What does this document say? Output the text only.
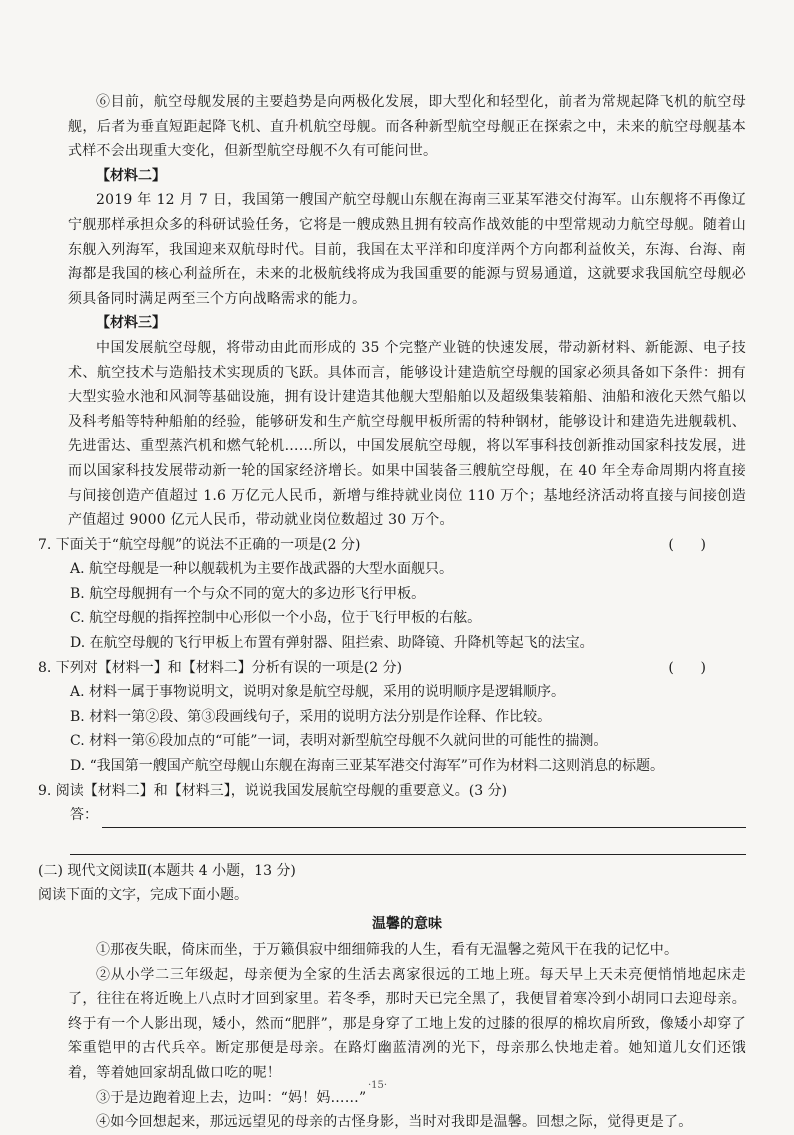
⑥目前，航空母舰发展的主要趋势是向两极化发展，即大型化和轻型化，前者为常规起降飞机的航空母舰，后者为垂直短距起降飞机、直升机航空母舰。而各种新型航空母舰正在探索之中，未来的航空母舰基本式样不会出现重大变化，但新型航空母舰不久有可能问世。

【材料二】

2019 年 12 月 7 日，我国第一艘国产航空母舰山东舰在海南三亚某军港交付海军。山东舰将不再像辽宁舰那样承担众多的科研试验任务，它将是一艘成熟且拥有较高作战效能的中型常规动力航空母舰。随着山东舰入列海军，我国迎来双航母时代。目前，我国在太平洋和印度洋两个方向都利益攸关，东海、台海、南海都是我国的核心利益所在，未来的北极航线将成为我国重要的能源与贸易通道，这就要求我国航空母舰必须具备同时满足两至三个方向战略需求的能力。

【材料三】

中国发展航空母舰，将带动由此而形成的 35 个完整产业链的快速发展，带动新材料、新能源、电子技术、航空技术与造船技术实现质的飞跃。具体而言，能够设计建造航空母舰的国家必须具备如下条件：拥有大型实验水池和风洞等基础设施，拥有设计建造其他舰大型船舶以及超级集装箱船、油船和液化天然气船以及科考船等特种船舶的经验，能够研发和生产航空母舰甲板所需的特种钢材，能够设计和建造先进舰载机、先进雷达、重型蒸汽机和燃气轮机……所以，中国发展航空母舰，将以军事科技创新推动国家科技发展，进而以国家科技发展带动新一轮的国家经济增长。如果中国装备三艘航空母舰，在 40 年全寿命周期内将直接与间接创造产值超过 1.6 万亿元人民币，新增与维持就业岗位 110 万个；基地经济活动将直接与间接创造产值超过 9000 亿元人民币，带动就业岗位数超过 30 万个。

7. 下面关于“航空母舰”的说法不正确的一项是(2 分)	(      )

A. 航空母舰是一种以舰载机为主要作战武器的大型水面舰只。

B. 航空母舰拥有一个与众不同的宽大的多边形飞行甲板。

C. 航空母舰的指挥控制中心形似一个小岛，位于飞行甲板的右舷。

D. 在航空母舰的飞行甲板上布置有弹射器、阻拦索、助降镜、升降机等起飞的法宝。

8. 下列对【材料一】和【材料二】分析有误的一项是(2 分)	(      )

A. 材料一属于事物说明文，说明对象是航空母舰，采用的说明顺序是逻辑顺序。

B. 材料一第②段、第③段画线句子，采用的说明方法分别是作诠释、作比较。

C. 材料一第⑥段加点的“可能”一词，表明对新型航空母舰不久就问世的可能性的揣测。

D. “我国第一艘国产航空母舰山东舰在海南三亚某军港交付海军”可作为材料二这则消息的标题。

9. 阅读【材料二】和【材料三】，说说我国发展航空母舰的重要意义。(3 分)
答：

(二) 现代文阅读Ⅱ(本题共 4 小题，13 分)

阅读下面的文字，完成下面小题。

温馨的意味

①那夜失眠，倚床而坐，于万籁俱寂中细细筛我的人生，看有无温馨之菀风干在我的记忆中。

②从小学二三年级起，母亲便为全家的生活去离家很远的工地上班。每天早上天未亮便悄悄地起床走了，往往在将近晚上八点时才回到家里。若冬季，那时天已完全黑了，我便冒着寒冷到小胡同口去迎母亲。终于有一个人影出现，矮小，然而“肥胖”，那是身穿了工地上发的过膝的很厚的棉坎肩所致，像矮小却穿了笨重铠甲的古代兵卒。断定那便是母亲。在路灯幽蓝清冽的光下，母亲那么快地走着。她知道儿女们还饿着，等着她回家胡乱做口吃的呢！

③于是边跑着迎上去，边叫：“妈！妈……”

④如今回想起来，那远远望见的母亲的古怪身影，当时对我即是温馨。回想之际，觉得更是了。

·15·
